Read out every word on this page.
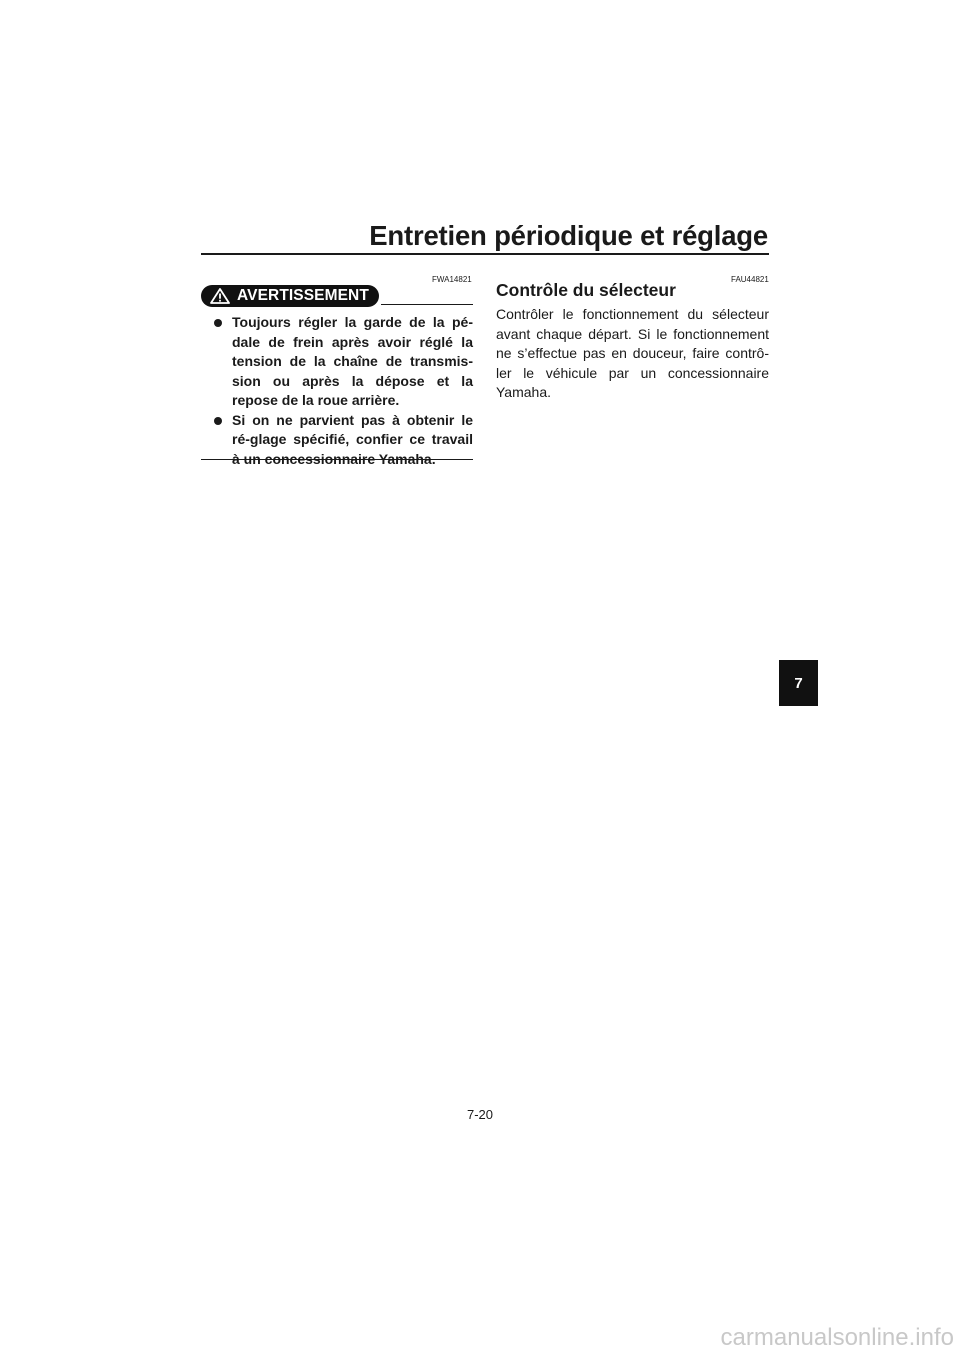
Entretien périodique et réglage
FWA14821
AVERTISSEMENT
Toujours régler la garde de la pé-dale de frein après avoir réglé la tension de la chaîne de transmis-sion ou après la dépose et la repose de la roue arrière.
Si on ne parvient pas à obtenir le ré-glage spécifié, confier ce travail à un concessionnaire Yamaha.
FAU44821
Contrôle du sélecteur

Contrôler le fonctionnement du sélecteur avant chaque départ. Si le fonctionnement ne s’effectue pas en douceur, faire contrô-ler le véhicule par un concessionnaire Yamaha.

7
7-20
carmanualsonline.info
